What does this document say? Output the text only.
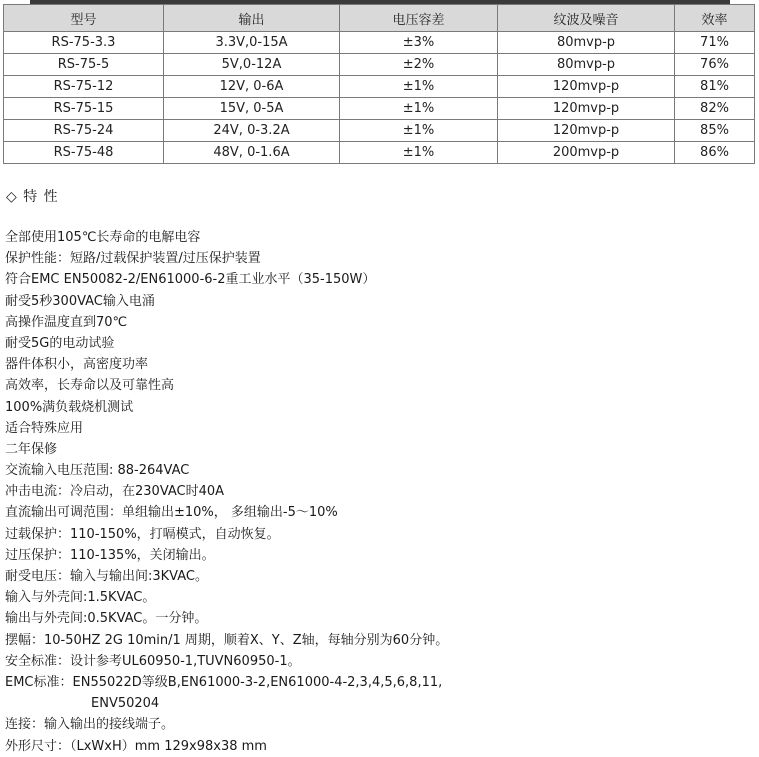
型号	输出	电压容差	纹波及噪音	效率
RS-75-3.3	3.3V,0-15A	±3%	80mvp-p	71%
RS-75-5	5V,0-12A	±2%	80mvp-p	76%
RS-75-12	12V, 0-6A	±1%	120mvp-p	81%
RS-75-15	15V, 0-5A	±1%	120mvp-p	82%
RS-75-24	24V, 0-3.2A	±1%	120mvp-p	85%
RS-75-48	48V, 0-1.6A	±1%	200mvp-p	86%
◇ 特 性
全部使用105℃长寿命的电解电容
保护性能：短路/过载保护装置/过压保护装置
符合EMC EN50082-2/EN61000-6-2重工业水平（35-150W）
耐受5秒300VAC输入电涌
高操作温度直到70℃
耐受5G的电动试验
器件体积小，高密度功率
高效率，长寿命以及可靠性高
100%满负载烧机测试
适合特殊应用
二年保修
交流输入电压范围: 88-264VAC
冲击电流：冷启动，在230VAC时40A
直流输出可调范围：单组输出±10%， 多组输出-5～10%
过载保护：110-150%，打嗝模式，自动恢复。
过压保护：110-135%，关闭输出。
耐受电压：输入与输出间:3KVAC。
输入与外壳间:1.5KVAC。
输出与外壳间:0.5KVAC。一分钟。
摆幅：10-50HZ 2G 10min/1 周期，顺着X、Y、Z轴，每轴分别为60分钟。
安全标准：设计参考UL60950-1,TUVN60950-1。
EMC标准：EN55022D等级B,EN61000-3-2,EN61000-4-2,3,4,5,6,8,11,
ENV50204
连接：输入输出的接线端子。
外形尺寸：（LxWxH）mm 129x98x38 mm
